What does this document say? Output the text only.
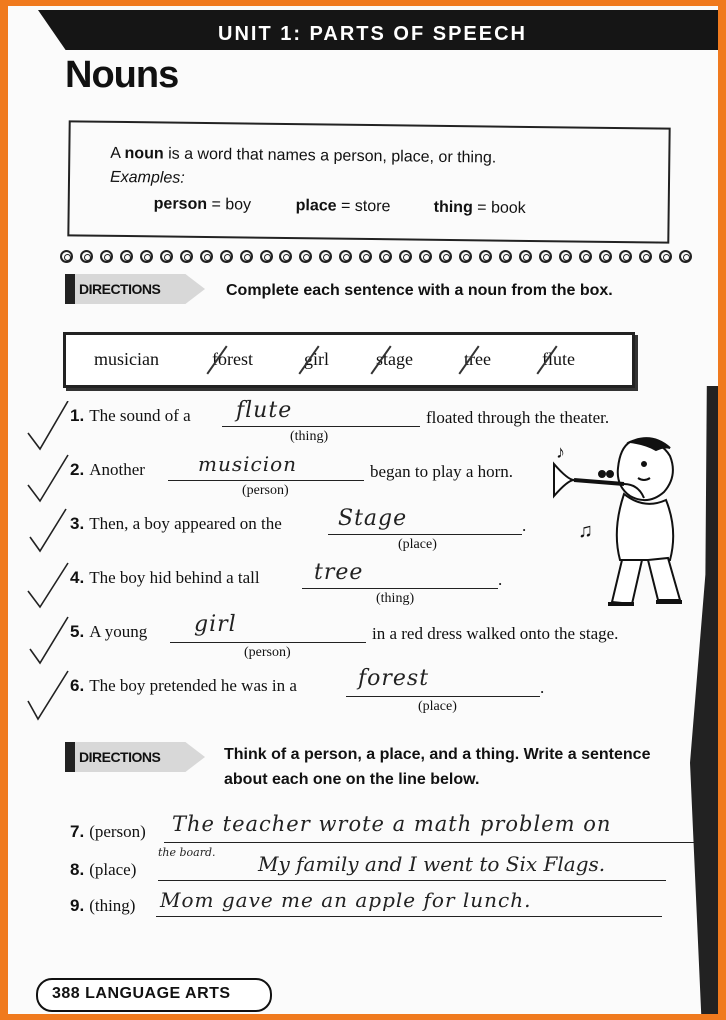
UNIT 1: PARTS OF SPEECH
Nouns
A noun is a word that names a person, place, or thing.
Examples:
person = boy	place = store	thing = book
DIRECTIONS	Complete each sentence with a noun from the box.
musician	forest	girl	stage	tree	flute
1. The sound of a flute
(thing)
floated through the theater.
2. Another	musicion
(person)
began to play a horn.
3. Then, a boy appeared on the	Stage
(place)
.
4. The boy hid behind a tall tree
(thing)
.
5. A young girl
(person)
in a red dress walked onto the stage.
6. The boy pretended he was in a	forest
(place)
.
♪
♫
DIRECTIONS	Think of a person, a place, and a thing. Write a sentence
about each one on the line below.
7. (person) The teacher wrote a math problem on
the board.
8. (place)	My family and I went to Six Flags.
9. (thing) Mom gave me an apple for lunch.
388 LANGUAGE ARTS
